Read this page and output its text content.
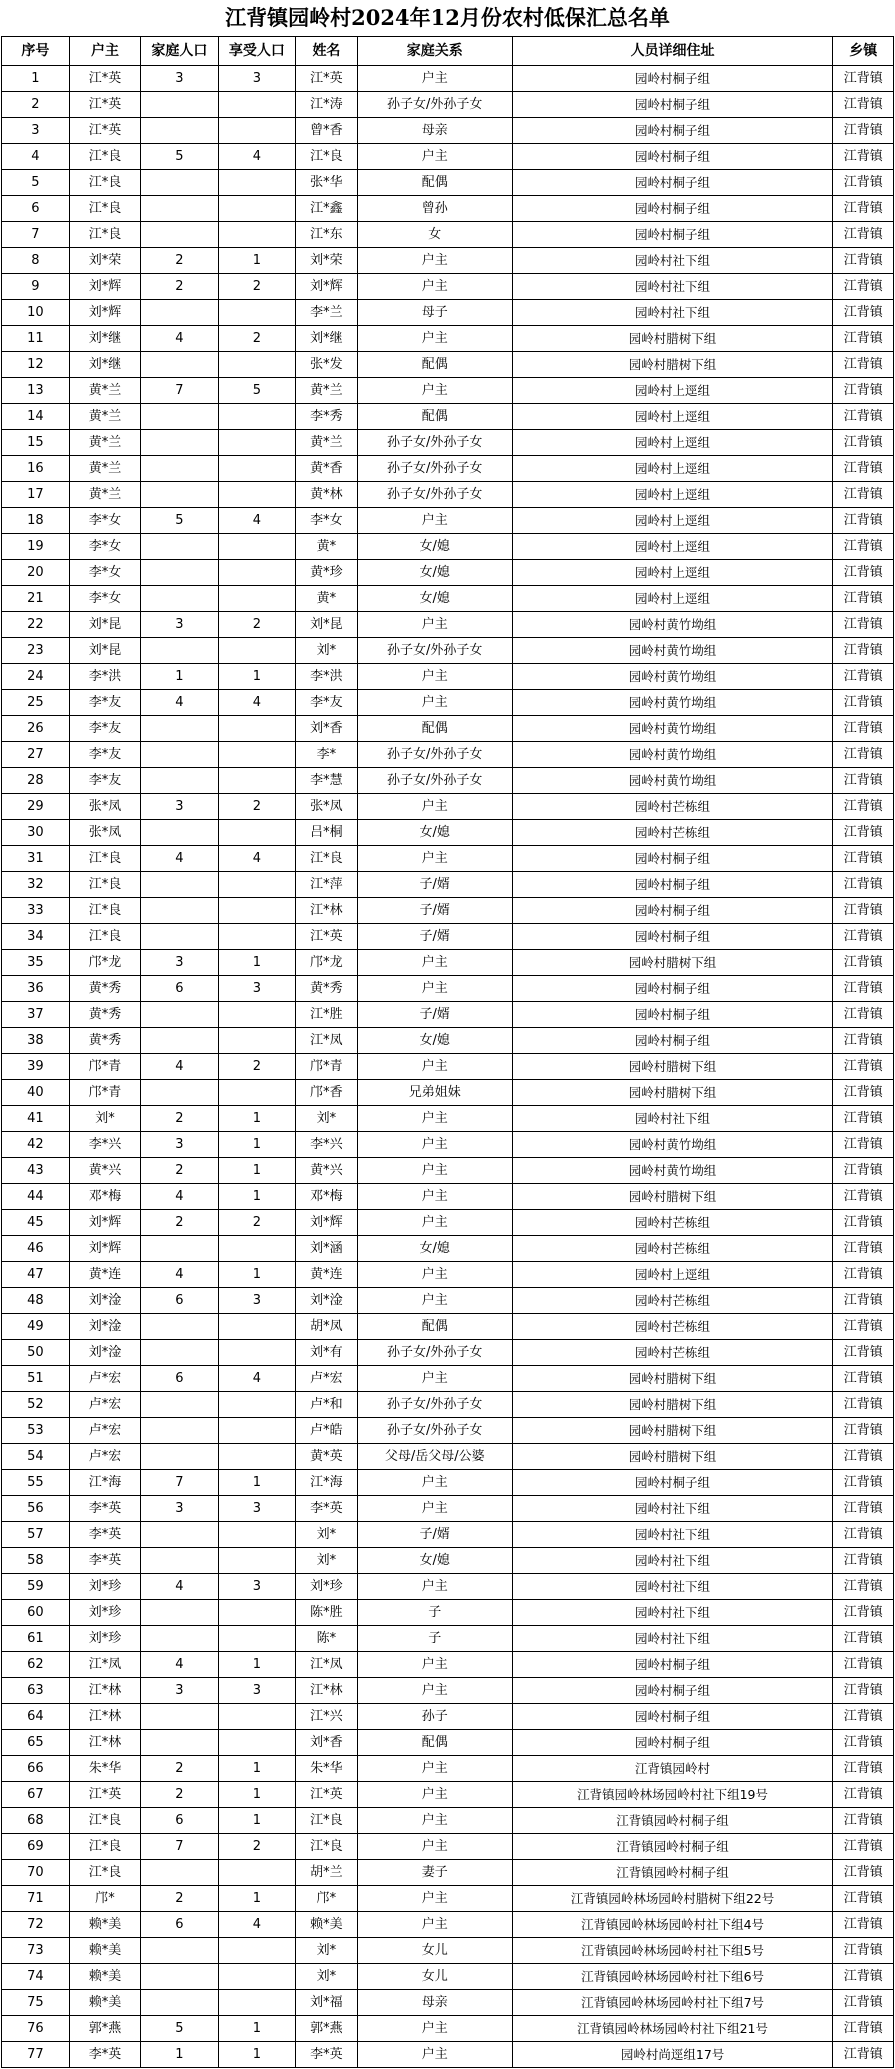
江背镇园岭村2024年12月份农村低保汇总名单
序号	户主	家庭人口	享受人口	姓名	家庭关系	人员详细住址	乡镇
1	江*英	3	3	江*英	户主	园岭村桐子组	江背镇
2	江*英			江*涛	孙子女/外孙子女	园岭村桐子组	江背镇
3	江*英			曾*香	母亲	园岭村桐子组	江背镇
4	江*良	5	4	江*良	户主	园岭村桐子组	江背镇
5	江*良			张*华	配偶	园岭村桐子组	江背镇
6	江*良			江*鑫	曾孙	园岭村桐子组	江背镇
7	江*良			江*东	女	园岭村桐子组	江背镇
8	刘*荣	2	1	刘*荣	户主	园岭村社下组	江背镇
9	刘*辉	2	2	刘*辉	户主	园岭村社下组	江背镇
10	刘*辉			李*兰	母子	园岭村社下组	江背镇
11	刘*继	4	2	刘*继	户主	园岭村腊树下组	江背镇
12	刘*继			张*发	配偶	园岭村腊树下组	江背镇
13	黄*兰	7	5	黄*兰	户主	园岭村上逕组	江背镇
14	黄*兰			李*秀	配偶	园岭村上逕组	江背镇
15	黄*兰			黄*兰	孙子女/外孙子女	园岭村上逕组	江背镇
16	黄*兰			黄*香	孙子女/外孙子女	园岭村上逕组	江背镇
17	黄*兰			黄*林	孙子女/外孙子女	园岭村上逕组	江背镇
18	李*女	5	4	李*女	户主	园岭村上逕组	江背镇
19	李*女			黄*	女/媳	园岭村上逕组	江背镇
20	李*女			黄*珍	女/媳	园岭村上逕组	江背镇
21	李*女			黄*	女/媳	园岭村上逕组	江背镇
22	刘*昆	3	2	刘*昆	户主	园岭村黄竹坳组	江背镇
23	刘*昆			刘*	孙子女/外孙子女	园岭村黄竹坳组	江背镇
24	李*洪	1	1	李*洪	户主	园岭村黄竹坳组	江背镇
25	李*友	4	4	李*友	户主	园岭村黄竹坳组	江背镇
26	李*友			刘*香	配偶	园岭村黄竹坳组	江背镇
27	李*友			李*	孙子女/外孙子女	园岭村黄竹坳组	江背镇
28	李*友			李*慧	孙子女/外孙子女	园岭村黄竹坳组	江背镇
29	张*凤	3	2	张*凤	户主	园岭村芒栋组	江背镇
30	张*凤			吕*桐	女/媳	园岭村芒栋组	江背镇
31	江*良	4	4	江*良	户主	园岭村桐子组	江背镇
32	江*良			江*萍	子/婿	园岭村桐子组	江背镇
33	江*良			江*林	子/婿	园岭村桐子组	江背镇
34	江*良			江*英	子/婿	园岭村桐子组	江背镇
35	邝*龙	3	1	邝*龙	户主	园岭村腊树下组	江背镇
36	黄*秀	6	3	黄*秀	户主	园岭村桐子组	江背镇
37	黄*秀			江*胜	子/婿	园岭村桐子组	江背镇
38	黄*秀			江*凤	女/媳	园岭村桐子组	江背镇
39	邝*青	4	2	邝*青	户主	园岭村腊树下组	江背镇
40	邝*青			邝*香	兄弟姐妹	园岭村腊树下组	江背镇
41	刘*	2	1	刘*	户主	园岭村社下组	江背镇
42	李*兴	3	1	李*兴	户主	园岭村黄竹坳组	江背镇
43	黄*兴	2	1	黄*兴	户主	园岭村黄竹坳组	江背镇
44	邓*梅	4	1	邓*梅	户主	园岭村腊树下组	江背镇
45	刘*辉	2	2	刘*辉	户主	园岭村芒栋组	江背镇
46	刘*辉			刘*涵	女/媳	园岭村芒栋组	江背镇
47	黄*连	4	1	黄*连	户主	园岭村上逕组	江背镇
48	刘*淦	6	3	刘*淦	户主	园岭村芒栋组	江背镇
49	刘*淦			胡*凤	配偶	园岭村芒栋组	江背镇
50	刘*淦			刘*有	孙子女/外孙子女	园岭村芒栋组	江背镇
51	卢*宏	6	4	卢*宏	户主	园岭村腊树下组	江背镇
52	卢*宏			卢*和	孙子女/外孙子女	园岭村腊树下组	江背镇
53	卢*宏			卢*皓	孙子女/外孙子女	园岭村腊树下组	江背镇
54	卢*宏			黄*英	父母/岳父母/公婆	园岭村腊树下组	江背镇
55	江*海	7	1	江*海	户主	园岭村桐子组	江背镇
56	李*英	3	3	李*英	户主	园岭村社下组	江背镇
57	李*英			刘*	子/婿	园岭村社下组	江背镇
58	李*英			刘*	女/媳	园岭村社下组	江背镇
59	刘*珍	4	3	刘*珍	户主	园岭村社下组	江背镇
60	刘*珍			陈*胜	子	园岭村社下组	江背镇
61	刘*珍			陈*	子	园岭村社下组	江背镇
62	江*凤	4	1	江*凤	户主	园岭村桐子组	江背镇
63	江*林	3	3	江*林	户主	园岭村桐子组	江背镇
64	江*林			江*兴	孙子	园岭村桐子组	江背镇
65	江*林			刘*香	配偶	园岭村桐子组	江背镇
66	朱*华	2	1	朱*华	户主	江背镇园岭村	江背镇
67	江*英	2	1	江*英	户主	江背镇园岭林场园岭村社下组19号	江背镇
68	江*良	6	1	江*良	户主	江背镇园岭村桐子组	江背镇
69	江*良	7	2	江*良	户主	江背镇园岭村桐子组	江背镇
70	江*良			胡*兰	妻子	江背镇园岭村桐子组	江背镇
71	邝*	2	1	邝*	户主	江背镇园岭林场园岭村腊树下组22号	江背镇
72	赖*美	6	4	赖*美	户主	江背镇园岭林场园岭村社下组4号	江背镇
73	赖*美			刘*	女儿	江背镇园岭林场园岭村社下组5号	江背镇
74	赖*美			刘*	女儿	江背镇园岭林场园岭村社下组6号	江背镇
75	赖*美			刘*福	母亲	江背镇园岭林场园岭村社下组7号	江背镇
76	郭*燕	5	1	郭*燕	户主	江背镇园岭林场园岭村社下组21号	江背镇
77	李*英	1	1	李*英	户主	园岭村尚逕组17号	江背镇
